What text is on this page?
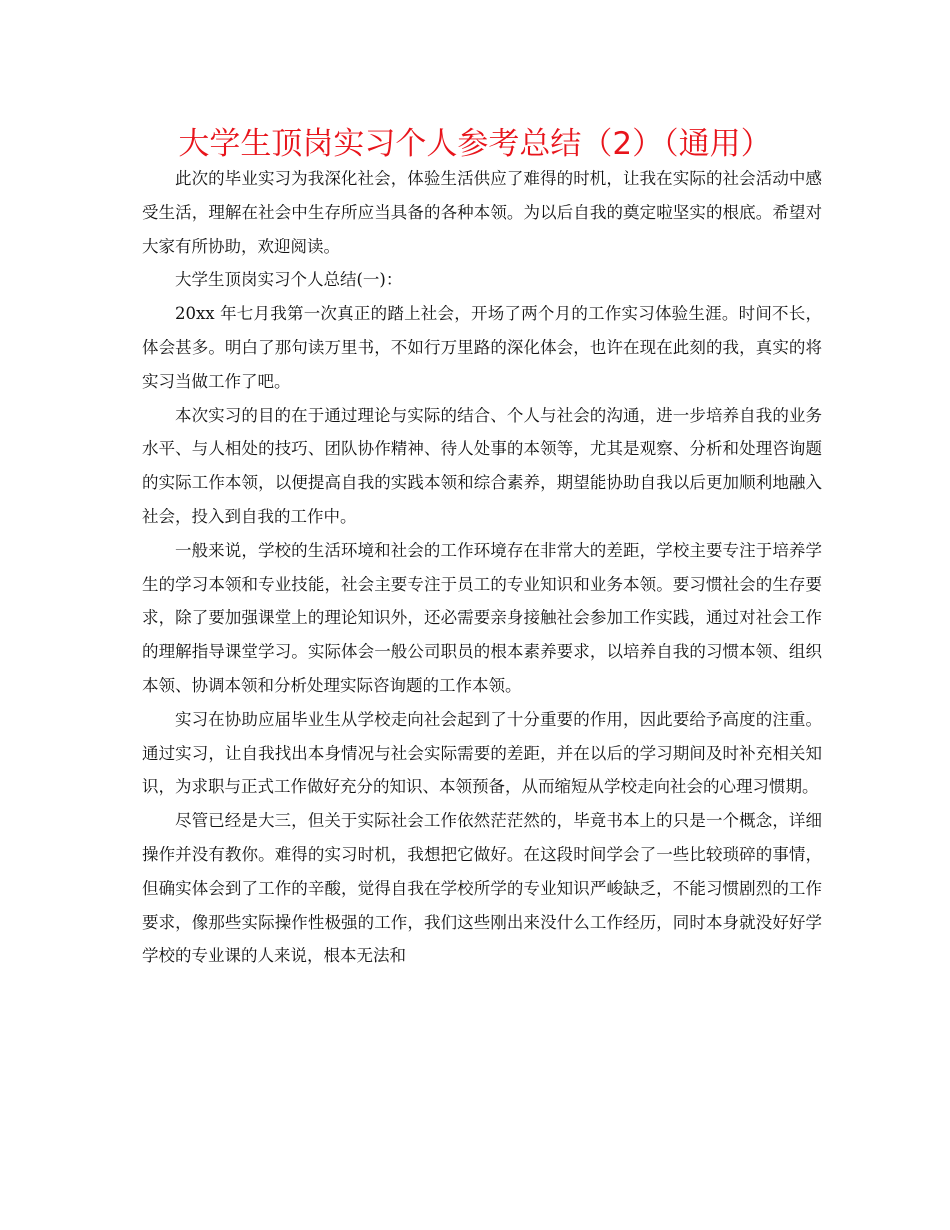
大学生顶岗实习个人参考总结（2）（通用）

此次的毕业实习为我深化社会，体验生活供应了难得的时机，让我在实际的社会活动中感受生活，理解在社会中生存所应当具备的各种本领。为以后自我的奠定啦坚实的根底。希望对大家有所协助，欢迎阅读。

大学生顶岗实习个人总结(一)：

20xx 年七月我第一次真正的踏上社会，开场了两个月的工作实习体验生涯。时间不长，体会甚多。明白了那句读万里书，不如行万里路的深化体会，也许在现在此刻的我，真实的将实习当做工作了吧。

本次实习的目的在于通过理论与实际的结合、个人与社会的沟通，进一步培养自我的业务水平、与人相处的技巧、团队协作精神、待人处事的本领等，尤其是观察、分析和处理咨询题的实际工作本领，以便提高自我的实践本领和综合素养，期望能协助自我以后更加顺利地融入社会，投入到自我的工作中。

一般来说，学校的生活环境和社会的工作环境存在非常大的差距，学校主要专注于培养学生的学习本领和专业技能，社会主要专注于员工的专业知识和业务本领。要习惯社会的生存要求，除了要加强课堂上的理论知识外，还必需要亲身接触社会参加工作实践，通过对社会工作的理解指导课堂学习。实际体会一般公司职员的根本素养要求，以培养自我的习惯本领、组织本领、协调本领和分析处理实际咨询题的工作本领。

实习在协助应届毕业生从学校走向社会起到了十分重要的作用，因此要给予高度的注重。通过实习，让自我找出本身情况与社会实际需要的差距，并在以后的学习期间及时补充相关知识，为求职与正式工作做好充分的知识、本领预备，从而缩短从学校走向社会的心理习惯期。

尽管已经是大三，但关于实际社会工作依然茫茫然的，毕竟书本上的只是一个概念，详细操作并没有教你。难得的实习时机，我想把它做好。在这段时间学会了一些比较琐碎的事情，但确实体会到了工作的辛酸，觉得自我在学校所学的专业知识严峻缺乏，不能习惯剧烈的工作要求，像那些实际操作性极强的工作，我们这些刚出来没什么工作经历，同时本身就没好好学学校的专业课的人来说，根本无法和
